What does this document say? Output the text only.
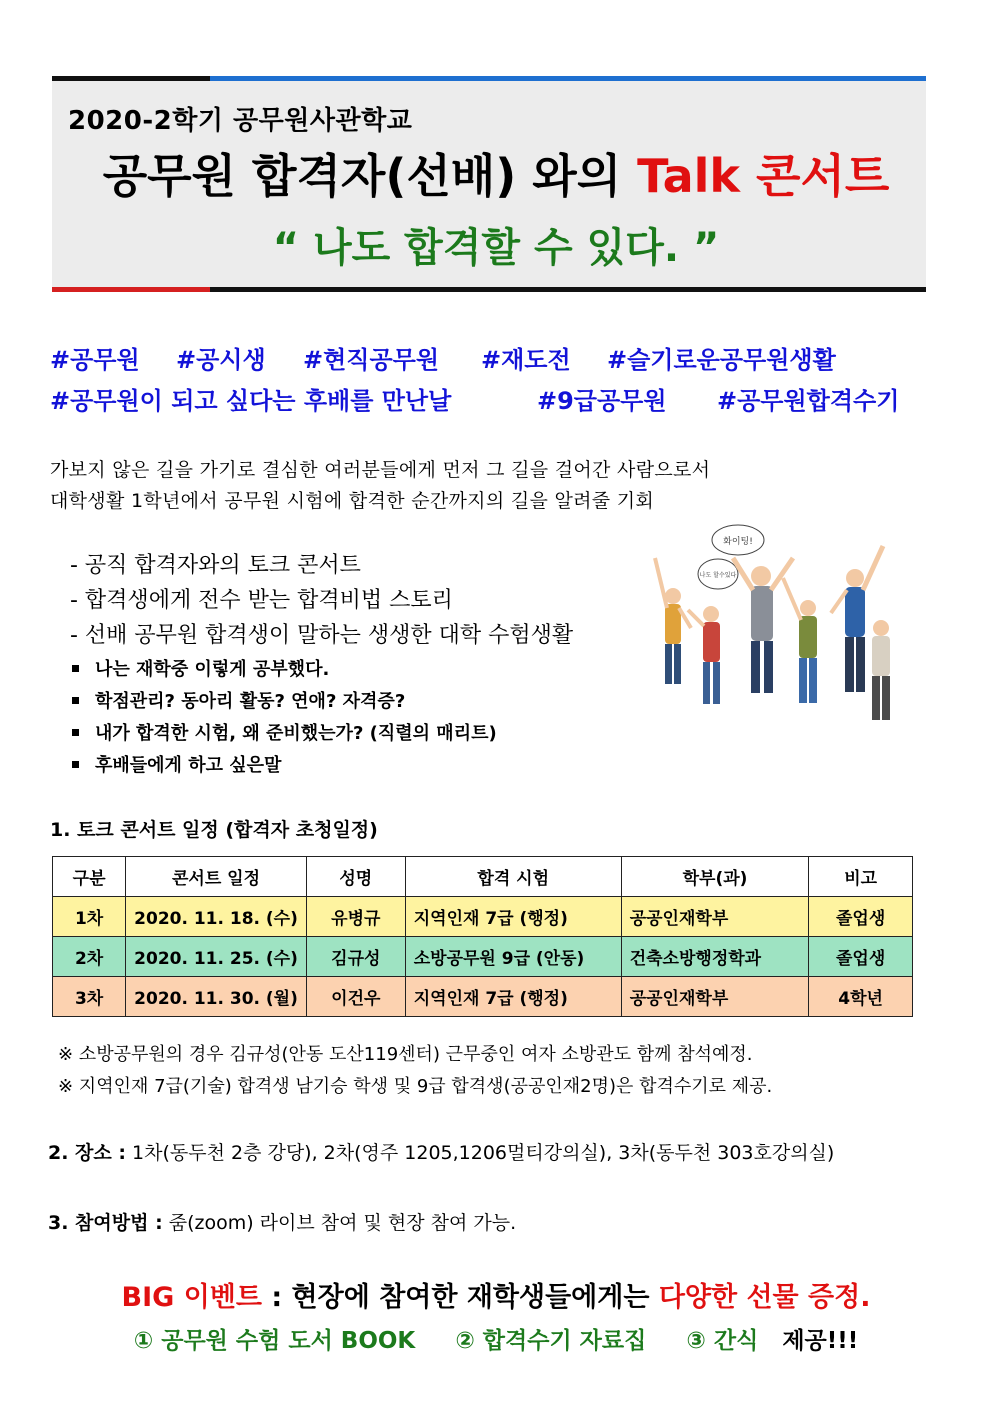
2020-2학기 공무원사관학교
공무원 합격자(선배) 와의 Talk 콘서트
“ 나도 합격할 수 있다. ”
#공무원 #공시생 #현직공무원 #재도전 #슬기로운공무원생활
#공무원이 되고 싶다는 후배를 만난날	#9급공무원 #공무원합격수기
가보지 않은 길을 가기로 결심한 여러분들에게 먼저 그 길을 걸어간 사람으로서
대학생활 1학년에서 공무원 시험에 합격한 순간까지의 길을 알려줄 기회
- 공직 합격자와의 토크 콘서트
- 합격생에게 전수 받는 합격비법 스토리
- 선배 공무원 합격생이 말하는 생생한 대학 수험생활
나는 재학중 이렇게 공부했다.
학점관리? 동아리 활동? 연애? 자격증?
내가 합격한 시험, 왜 준비했는가? (직렬의 매리트)
후배들에게 하고 싶은말
화이팅!
나도 할수있다
1. 토크 콘서트 일정 (합격자 초청일정)
구분	콘서트 일정	성명	합격 시험	학부(과)	비고
1차	2020. 11. 18. (수)	유병규	지역인재 7급 (행정)	공공인재학부	졸업생
2차	2020. 11. 25. (수)	김규성	소방공무원 9급 (안동)	건축소방행정학과	졸업생
3차	2020. 11. 30. (월)	이건우	지역인재 7급 (행정)	공공인재학부	4학년
※ 소방공무원의 경우 김규성(안동 도산119센터) 근무중인 여자 소방관도 함께 참석예정.
※ 지역인재 7급(기술) 합격생 남기승 학생 및 9급 합격생(공공인재2명)은 합격수기로 제공.
2. 장소 : 1차(동두천 2층 강당), 2차(영주 1205,1206멀티강의실), 3차(동두천 303호강의실)
3. 참여방법 : 줌(zoom) 라이브 참여 및 현장 참여 가능.
BIG 이벤트 : 현장에 참여한 재학생들에게는 다양한 선물 증정.
① 공무원 수험 도서 BOOK ② 합격수기 자료집 ③ 간식 제공!!!
